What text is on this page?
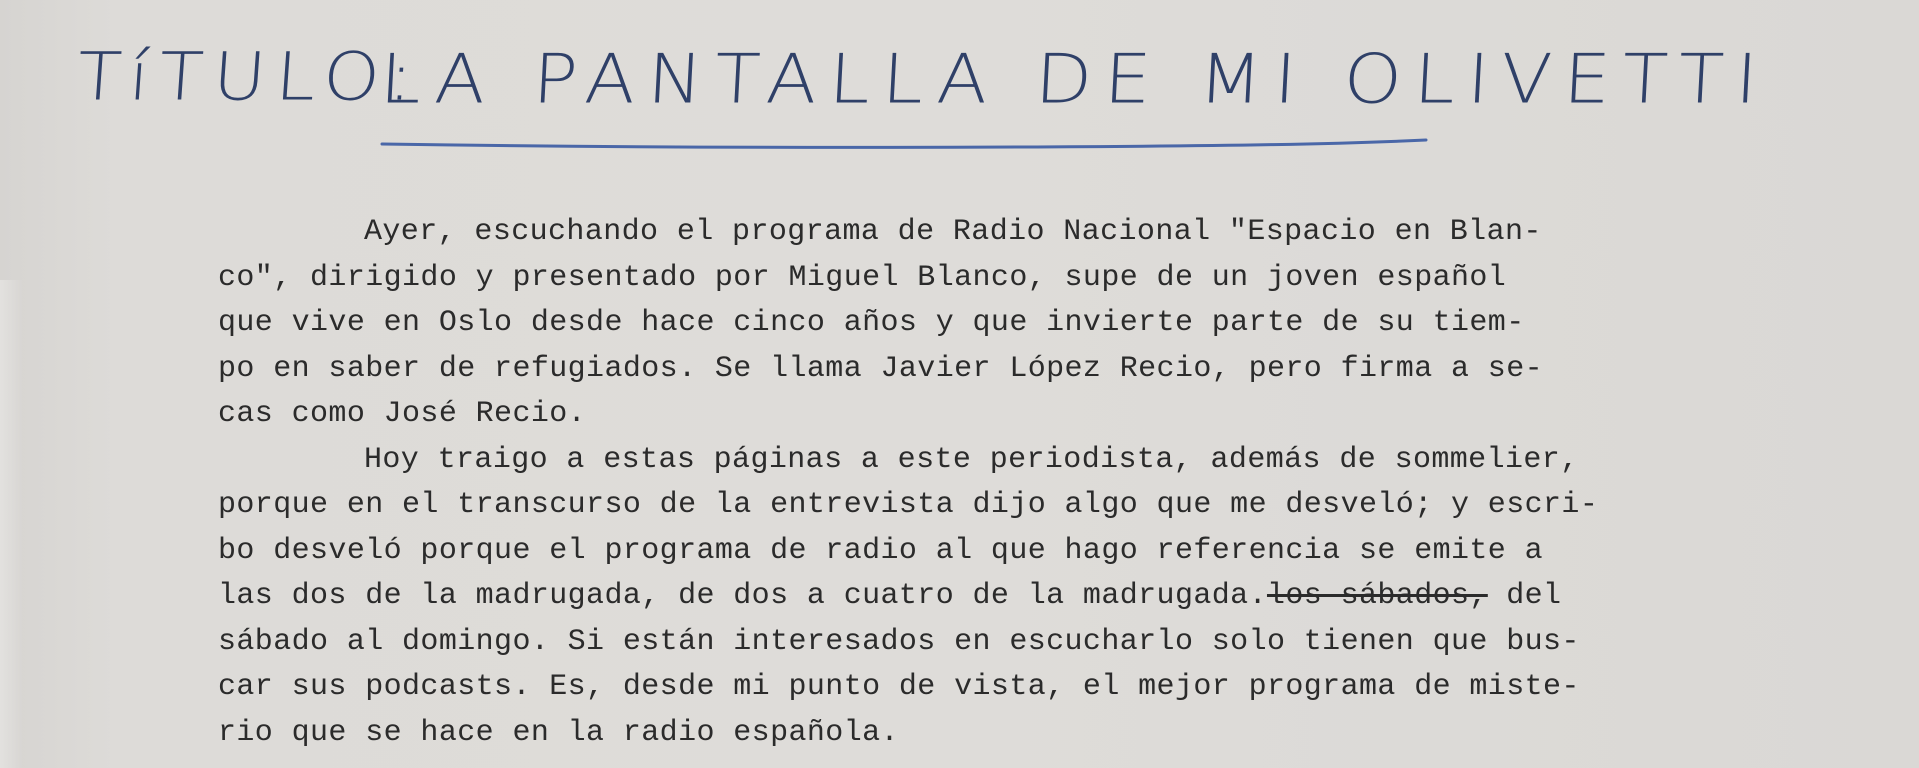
TíTULO:
LA PANTALLA DE MI OLIVETTI
Ayer, escuchando el programa de Radio Nacional "Espacio en Blan-
co", dirigido y presentado por Miguel Blanco, supe de un joven español
que vive en Oslo desde hace cinco años y que invierte parte de su tiem-
po en saber de refugiados. Se llama Javier López Recio, pero firma a se-
cas como José Recio.
Hoy traigo a estas páginas a este periodista, además de sommelier,
porque en el transcurso de la entrevista dijo algo que me desveló; y escri-
bo desveló porque el programa de radio al que hago referencia se emite a
las dos de la madrugada, de dos a cuatro de la madrugada.los sábados, del
sábado al domingo. Si están interesados en escucharlo solo tienen que bus-
car sus podcasts. Es, desde mi punto de vista, el mejor programa de miste-
rio que se hace en la radio española.
